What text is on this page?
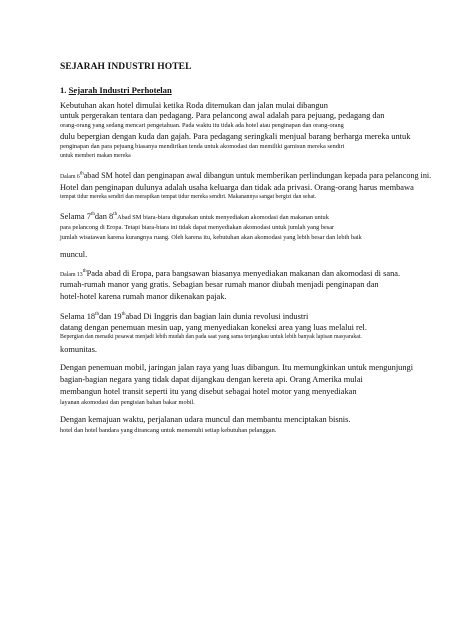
SEJARAH INDUSTRI HOTEL
1. Sejarah Industri Perhotelan
Kebutuhan akan hotel dimulai ketika Roda ditemukan dan jalan mulai dibangun
untuk pergerakan tentara dan pedagang. Para pelancong awal adalah para pejuang, pedagang dan
orang-orang yang sedang mencari pengetahuan. Pada waktu itu tidak ada hotel atau penginapan dan orang-orang
dulu bepergian dengan kuda dan gajah. Para pedagang seringkali menjual barang berharga mereka untuk
penginapan dan para pejuang biasanya mendirikan tenda untuk akomodasi dan memiliki garnisun mereka sendiri
untuk memberi makan mereka
Dalam 6thabad SM hotel dan penginapan awal dibangun untuk memberikan perlindungan kepada para pelancong ini.
Hotel dan penginapan dulunya adalah usaha keluarga dan tidak ada privasi. Orang-orang harus membawa
tempat tidur mereka sendiri dan merapikan tempat tidur mereka sendiri. Makanannya sangat bergizi dan sehat.
Selama 7thdan 8thAbad SM biara-biara digunakan untuk menyediakan akomodasi dan makanan untuk
para pelancong di Eropa. Tetapi biara-biara ini tidak dapat menyediakan akomodasi untuk jumlah yang besar
jumlah wisatawan karena kurangnya ruang. Oleh karena itu, kebutuhan akan akomodasi yang lebih besar dan lebih baik
muncul.
Dalam 13thPada abad di Eropa, para bangsawan biasanya menyediakan makanan dan akomodasi di sana.
rumah-rumah manor yang gratis. Sebagian besar rumah manor diubah menjadi penginapan dan
hotel-hotel karena rumah manor dikenakan pajak.
Selama 18thdan 19thabad Di Inggris dan bagian lain dunia revolusi industri
datang dengan penemuan mesin uap, yang menyediakan koneksi area yang luas melalui rel.
Bepergian dan menaiki pesawat menjadi lebih mudah dan pada saat yang sama terjangkau untuk lebih banyak lapisan masyarakat.
komunitas.
Dengan penemuan mobil, jaringan jalan raya yang luas dibangun. Itu memungkinkan untuk mengunjungi
bagian-bagian negara yang tidak dapat dijangkau dengan kereta api. Orang Amerika mulai
membangun hotel transit seperti itu yang disebut sebagai hotel motor yang menyediakan
layanan akomodasi dan pengisian bahan bakar mobil.
Dengan kemajuan waktu, perjalanan udara muncul dan membantu menciptakan bisnis.
hotel dan hotel bandara yang dirancang untuk memenuhi setiap kebutuhan pelanggan.
